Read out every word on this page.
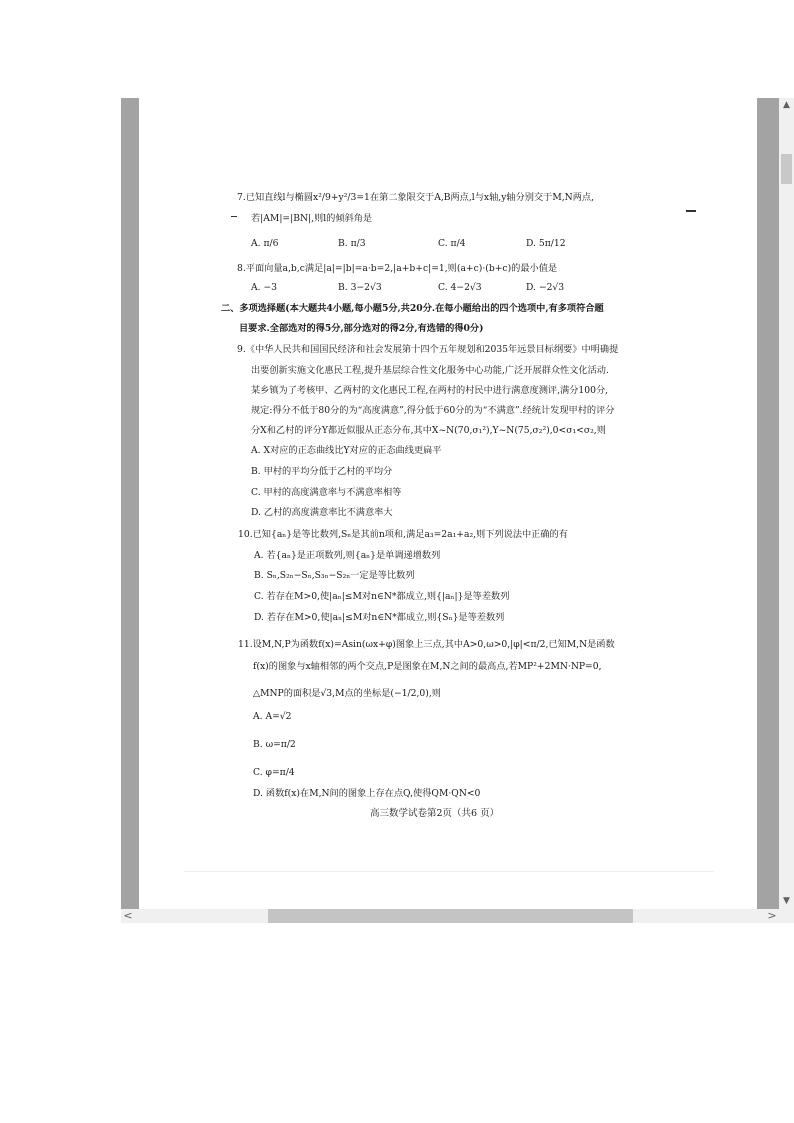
7.已知直线l与椭圆x²/9+y²/3=1在第二象限交于A,B两点,l与x轴,y轴分别交于M,N两点,
若|AM|=|BN|,则l的倾斜角是
A. π/6	B. π/3	C. π/4	D. 5π/12
8.平面向量a,b,c满足|a|=|b|=a·b=2,|a+b+c|=1,则(a+c)·(b+c)的最小值是
A. −3	B. 3−2√3	C. 4−2√3	D. −2√3
二、多项选择题(本大题共4小题,每小题5分,共20分.在每小题给出的四个选项中,有多项符合题
目要求.全部选对的得5分,部分选对的得2分,有选错的得0分)
9.《中华人民共和国国民经济和社会发展第十四个五年规划和2035年远景目标纲要》中明确提
出要创新实施文化惠民工程,提升基层综合性文化服务中心功能,广泛开展群众性文化活动.
某乡镇为了考核甲、乙两村的文化惠民工程,在两村的村民中进行满意度测评,满分100分,
规定:得分不低于80分的为“高度满意”,得分低于60分的为“不满意”.经统计发现甲村的评分
分X和乙村的评分Y都近似服从正态分布,其中X~N(70,σ₁²),Y~N(75,σ₂²),0<σ₁<σ₂,则
A. X对应的正态曲线比Y对应的正态曲线更扁平
B. 甲村的平均分低于乙村的平均分
C. 甲村的高度满意率与不满意率相等
D. 乙村的高度满意率比不满意率大
10.已知{aₙ}是等比数列,Sₙ是其前n项和,满足a₃=2a₁+a₂,则下列说法中正确的有
A. 若{aₙ}是正项数列,则{aₙ}是单调递增数列
B. Sₙ,S₂ₙ−Sₙ,S₃ₙ−S₂ₙ一定是等比数列
C. 若存在M>0,使|aₙ|≤M对n∈N*都成立,则{|aₙ|}是等差数列
D. 若存在M>0,使|aₙ|≤M对n∈N*都成立,则{Sₙ}是等差数列
11.设M,N,P为函数f(x)=Asin(ωx+φ)图象上三点,其中A>0,ω>0,|φ|<π/2,已知M,N是函数
f(x)的图象与x轴相邻的两个交点,P是图象在M,N之间的最高点,若MP²+2MN·NP=0,
△MNP的面积是√3,M点的坐标是(−1/2,0),则
A. A=√2
B. ω=π/2
C. φ=π/4
D. 函数f(x)在M,N间的图象上存在点Q,使得QM·QN<0
高三数学试卷第2页（共6 页）
▲
▼
<	>
